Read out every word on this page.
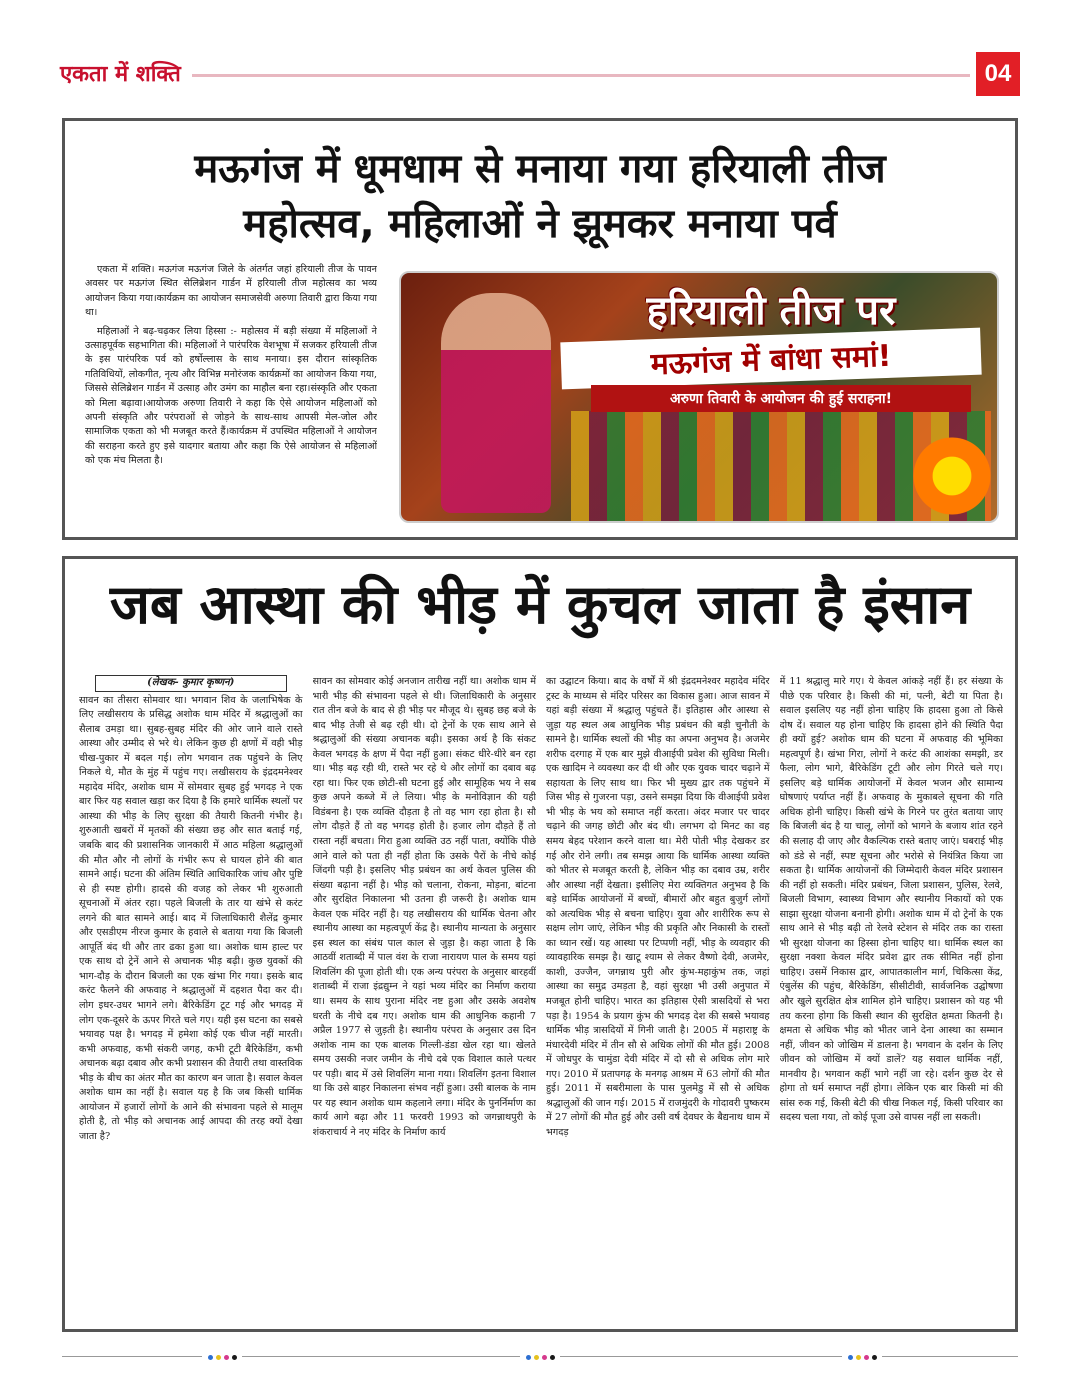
एकता में शक्ति	04
मऊगंज में धूमधाम से मनाया गया हरियाली तीज
महोत्सव, महिलाओं ने झूमकर मनाया पर्व

एकता में शक्ति। मऊगंज मऊगंज जिले के अंतर्गत जहां हरियाली तीज के पावन अवसर पर मऊगंज स्थित सेलिब्रेशन गार्डन में हरियाली तीज महोत्सव का भव्य आयोजन किया गया।कार्यक्रम का आयोजन समाजसेवी अरुणा तिवारी द्वारा किया गया था।

महिलाओं ने बढ़-चढ़कर लिया हिस्सा :- महोत्सव में बड़ी संख्या में महिलाओं ने उत्साहपूर्वक सहभागिता की। महिलाओं ने पारंपरिक वेशभूषा में सजकर हरियाली तीज के इस पारंपरिक पर्व को हर्षोल्लास के साथ मनाया। इस दौरान सांस्कृतिक गतिविधियों, लोकगीत, नृत्य और विभिन्न मनोरंजक कार्यक्रमों का आयोजन किया गया, जिससे सेलिब्रेशन गार्डन में उत्साह और उमंग का माहौल बना रहा।संस्कृति और एकता को मिला बढ़ावा।आयोजक अरुणा तिवारी ने कहा कि ऐसे आयोजन महिलाओं को अपनी संस्कृति और परंपराओं से जोड़ने के साथ-साथ आपसी मेल-जोल और सामाजिक एकता को भी मजबूत करते हैं।कार्यक्रम में उपस्थित महिलाओं ने आयोजन की सराहना करते हुए इसे यादगार बताया और कहा कि ऐसे आयोजन से महिलाओं को एक मंच मिलता है।

हरियाली तीज पर
मऊगंज में बांधा समां!
अरुणा तिवारी के आयोजन की हुई सराहना!
जब आस्था की भीड़ में कुचल जाता है इंसान
(लेखक- कुमार कृष्णन)
सावन का तीसरा सोमवार था। भगवान शिव के जलाभिषेक के लिए लखीसराय के प्रसिद्ध अशोक धाम मंदिर में श्रद्धालुओं का सैलाब उमड़ा था। सुबह-सुबह मंदिर की ओर जाने वाले रास्ते आस्था और उम्मीद से भरे थे। लेकिन कुछ ही क्षणों में वही भीड़ चीख-पुकार में बदल गई। लोग भगवान तक पहुंचने के लिए निकले थे, मौत के मुंह में पहुंच गए। लखीसराय के इंद्रदमनेश्वर महादेव मंदिर, अशोक धाम में सोमवार सुबह हुई भगदड़ ने एक बार फिर यह सवाल खड़ा कर दिया है कि हमारे धार्मिक स्थलों पर आस्था की भीड़ के लिए सुरक्षा की तैयारी कितनी गंभीर है। शुरुआती खबरों में मृतकों की संख्या छह और सात बताई गई, जबकि बाद की प्रशासनिक जानकारी में आठ महिला श्रद्धालुओं की मौत और नौ लोगों के गंभीर रूप से घायल होने की बात सामने आई। घटना की अंतिम स्थिति आधिकारिक जांच और पुष्टि से ही स्पष्ट होगी। हादसे की वजह को लेकर भी शुरुआती सूचनाओं में अंतर रहा। पहले बिजली के तार या खंभे से करंट लगने की बात सामने आई। बाद में जिलाधिकारी शैलेंद्र कुमार और एसडीएम नीरज कुमार के हवाले से बताया गया कि बिजली आपूर्ति बंद थी और तार ढका हुआ था। अशोक धाम हाल्ट पर एक साथ दो ट्रेनें आने से अचानक भीड़ बढ़ी। कुछ युवकों की भाग-दौड़ के दौरान बिजली का एक खंभा गिर गया। इसके बाद करंट फैलने की अफवाह ने श्रद्धालुओं में दहशत पैदा कर दी। लोग इधर-उधर भागने लगे। बैरिकेडिंग टूट गई और भगदड़ में लोग एक-दूसरे के ऊपर गिरते चले गए। यही इस घटना का सबसे भयावह पक्ष है। भगदड़ में हमेशा कोई एक चीज नहीं मारती। कभी अफवाह, कभी संकरी जगह, कभी टूटी बैरिकेडिंग, कभी अचानक बढ़ा दबाव और कभी प्रशासन की तैयारी तथा वास्तविक भीड़ के बीच का अंतर मौत का कारण बन जाता है। सवाल केवल अशोक धाम का नहीं है। सवाल यह है कि जब किसी धार्मिक आयोजन में हजारों लोगों के आने की संभावना पहले से मालूम होती है, तो भीड़ को अचानक आई आपदा की तरह क्यों देखा जाता है?
सावन का सोमवार कोई अनजान तारीख नहीं था। अशोक धाम में भारी भीड़ की संभावना पहले से थी। जिलाधिकारी के अनुसार रात तीन बजे के बाद से ही भीड़ पर मौजूद थे। सुबह छह बजे के बाद भीड़ तेजी से बढ़ रही थी। दो ट्रेनों के एक साथ आने से श्रद्धालुओं की संख्या अचानक बढ़ी। इसका अर्थ है कि संकट केवल भगदड़ के क्षण में पैदा नहीं हुआ। संकट धीरे-धीरे बन रहा था। भीड़ बढ़ रही थी, रास्ते भर रहे थे और लोगों का दबाव बढ़ रहा था। फिर एक छोटी-सी घटना हुई और सामूहिक भय ने सब कुछ अपने कब्जे में ले लिया। भीड़ के मनोविज्ञान की यही विडंबना है। एक व्यक्ति दौड़ता है तो वह भाग रहा होता है। सौ लोग दौड़ते हैं तो वह भगदड़ होती है। हजार लोग दौड़ते हैं तो रास्ता नहीं बचता। गिरा हुआ व्यक्ति उठ नहीं पाता, क्योंकि पीछे आने वाले को पता ही नहीं होता कि उसके पैरों के नीचे कोई जिंदगी पड़ी है। इसलिए भीड़ प्रबंधन का अर्थ केवल पुलिस की संख्या बढ़ाना नहीं है। भीड़ को चलाना, रोकना, मोड़ना, बांटना और सुरक्षित निकालना भी उतना ही जरूरी है। अशोक धाम केवल एक मंदिर नहीं है। यह लखीसराय की धार्मिक चेतना और स्थानीय आस्था का महत्वपूर्ण केंद्र है। स्थानीय मान्यता के अनुसार इस स्थल का संबंध पाल काल से जुड़ा है। कहा जाता है कि आठवीं शताब्दी में पाल वंश के राजा नारायण पाल के समय यहां शिवलिंग की पूजा होती थी। एक अन्य परंपरा के अनुसार बारहवीं शताब्दी में राजा इंद्रद्युम्न ने यहां भव्य मंदिर का निर्माण कराया था। समय के साथ पुराना मंदिर नष्ट हुआ और उसके अवशेष धरती के नीचे दब गए। अशोक धाम की आधुनिक कहानी 7 अप्रैल 1977 से जुड़ती है। स्थानीय परंपरा के अनुसार उस दिन अशोक नाम का एक बालक गिल्ली-डंडा खेल रहा था। खेलते समय उसकी नजर जमीन के नीचे दबे एक विशाल काले पत्थर पर पड़ी। बाद में उसे शिवलिंग माना गया। शिवलिंग इतना विशाल था कि उसे बाहर निकालना संभव नहीं हुआ। उसी बालक के नाम पर यह स्थान अशोक धाम कहलाने लगा। मंदिर के पुनर्निर्माण का कार्य आगे बढ़ा और 11 फरवरी 1993 को जगन्नाथपुरी के शंकराचार्य ने नए मंदिर के निर्माण कार्य
का उद्घाटन किया। बाद के वर्षों में श्री इंद्रदमनेश्वर महादेव मंदिर ट्रस्ट के माध्यम से मंदिर परिसर का विकास हुआ। आज सावन में यहां बड़ी संख्या में श्रद्धालु पहुंचते हैं। इतिहास और आस्था से जुड़ा यह स्थल अब आधुनिक भीड़ प्रबंधन की बड़ी चुनौती के सामने है। धार्मिक स्थलों की भीड़ का अपना अनुभव है। अजमेर शरीफ दरगाह में एक बार मुझे वीआईपी प्रवेश की सुविधा मिली। एक खादिम ने व्यवस्था कर दी थी और एक युवक चादर चढ़ाने में सहायता के लिए साथ था। फिर भी मुख्य द्वार तक पहुंचने में जिस भीड़ से गुजरना पड़ा, उसने समझा दिया कि वीआईपी प्रवेश भी भीड़ के भय को समाप्त नहीं करता। अंदर मजार पर चादर चढ़ाने की जगह छोटी और बंद थी। लगभग दो मिनट का वह समय बेहद परेशान करने वाला था। मेरी पोती भीड़ देखकर डर गई और रोने लगी। तब समझ आया कि धार्मिक आस्था व्यक्ति को भीतर से मजबूत करती है, लेकिन भीड़ का दबाव उम्र, शरीर और आस्था नहीं देखता। इसीलिए मेरा व्यक्तिगत अनुभव है कि बड़े धार्मिक आयोजनों में बच्चों, बीमारों और बहुत बुजुर्ग लोगों को अत्यधिक भीड़ से बचना चाहिए। युवा और शारीरिक रूप से सक्षम लोग जाएं, लेकिन भीड़ की प्रकृति और निकासी के रास्तों का ध्यान रखें। यह आस्था पर टिप्पणी नहीं, भीड़ के व्यवहार की व्यावहारिक समझ है। खाटू श्याम से लेकर वैष्णो देवी, अजमेर, काशी, उज्जैन, जगन्नाथ पुरी और कुंभ-महाकुंभ तक, जहां आस्था का समुद्र उमड़ता है, वहां सुरक्षा भी उसी अनुपात में मजबूत होनी चाहिए। भारत का इतिहास ऐसी त्रासदियों से भरा पड़ा है। 1954 के प्रयाग कुंभ की भगदड़ देश की सबसे भयावह धार्मिक भीड़ त्रासदियों में गिनी जाती है। 2005 में महाराष्ट्र के मंधारदेवी मंदिर में तीन सौ से अधिक लोगों की मौत हुई। 2008 में जोधपुर के चामुंडा देवी मंदिर में दो सौ से अधिक लोग मारे गए। 2010 में प्रतापगढ़ के मनगढ़ आश्रम में 63 लोगों की मौत हुई। 2011 में सबरीमाला के पास पुलमेडु में सौ से अधिक श्रद्धालुओं की जान गई। 2015 में राजमुंदरी के गोदावरी पुष्करम में 27 लोगों की मौत हुई और उसी वर्ष देवघर के बैद्यनाथ धाम में भगदड़
में 11 श्रद्धालु मारे गए। ये केवल आंकड़े नहीं हैं। हर संख्या के पीछे एक परिवार है। किसी की मां, पत्नी, बेटी या पिता है। सवाल इसलिए यह नहीं होना चाहिए कि हादसा हुआ तो किसे दोष दें। सवाल यह होना चाहिए कि हादसा होने की स्थिति पैदा ही क्यों हुई? अशोक धाम की घटना में अफवाह की भूमिका महत्वपूर्ण है। खंभा गिरा, लोगों ने करंट की आशंका समझी, डर फैला, लोग भागे, बैरिकेडिंग टूटी और लोग गिरते चले गए। इसलिए बड़े धार्मिक आयोजनों में केवल भजन और सामान्य घोषणाएं पर्याप्त नहीं हैं। अफवाह के मुकाबले सूचना की गति अधिक होनी चाहिए। किसी खंभे के गिरने पर तुरंत बताया जाए कि बिजली बंद है या चालू, लोगों को भागने के बजाय शांत रहने की सलाह दी जाए और वैकल्पिक रास्ते बताए जाएं। घबराई भीड़ को डंडे से नहीं, स्पष्ट सूचना और भरोसे से नियंत्रित किया जा सकता है। धार्मिक आयोजनों की जिम्मेदारी केवल मंदिर प्रशासन की नहीं हो सकती। मंदिर प्रबंधन, जिला प्रशासन, पुलिस, रेलवे, बिजली विभाग, स्वास्थ्य विभाग और स्थानीय निकायों को एक साझा सुरक्षा योजना बनानी होगी। अशोक धाम में दो ट्रेनों के एक साथ आने से भीड़ बढ़ी तो रेलवे स्टेशन से मंदिर तक का रास्ता भी सुरक्षा योजना का हिस्सा होना चाहिए था। धार्मिक स्थल का सुरक्षा नक्शा केवल मंदिर प्रवेश द्वार तक सीमित नहीं होना चाहिए। उसमें निकास द्वार, आपातकालीन मार्ग, चिकित्सा केंद्र, एंबुलेंस की पहुंच, बैरिकेडिंग, सीसीटीवी, सार्वजनिक उद्घोषणा और खुले सुरक्षित क्षेत्र शामिल होने चाहिए। प्रशासन को यह भी तय करना होगा कि किसी स्थान की सुरक्षित क्षमता कितनी है। क्षमता से अधिक भीड़ को भीतर जाने देना आस्था का सम्मान नहीं, जीवन को जोखिम में डालना है। भगवान के दर्शन के लिए जीवन को जोखिम में क्यों डालें? यह सवाल धार्मिक नहीं, मानवीय है। भगवान कहीं भागे नहीं जा रहे। दर्शन कुछ देर से होगा तो धर्म समाप्त नहीं होगा। लेकिन एक बार किसी मां की सांस रुक गई, किसी बेटी की चीख निकल गई, किसी परिवार का सदस्य चला गया, तो कोई पूजा उसे वापस नहीं ला सकती।
